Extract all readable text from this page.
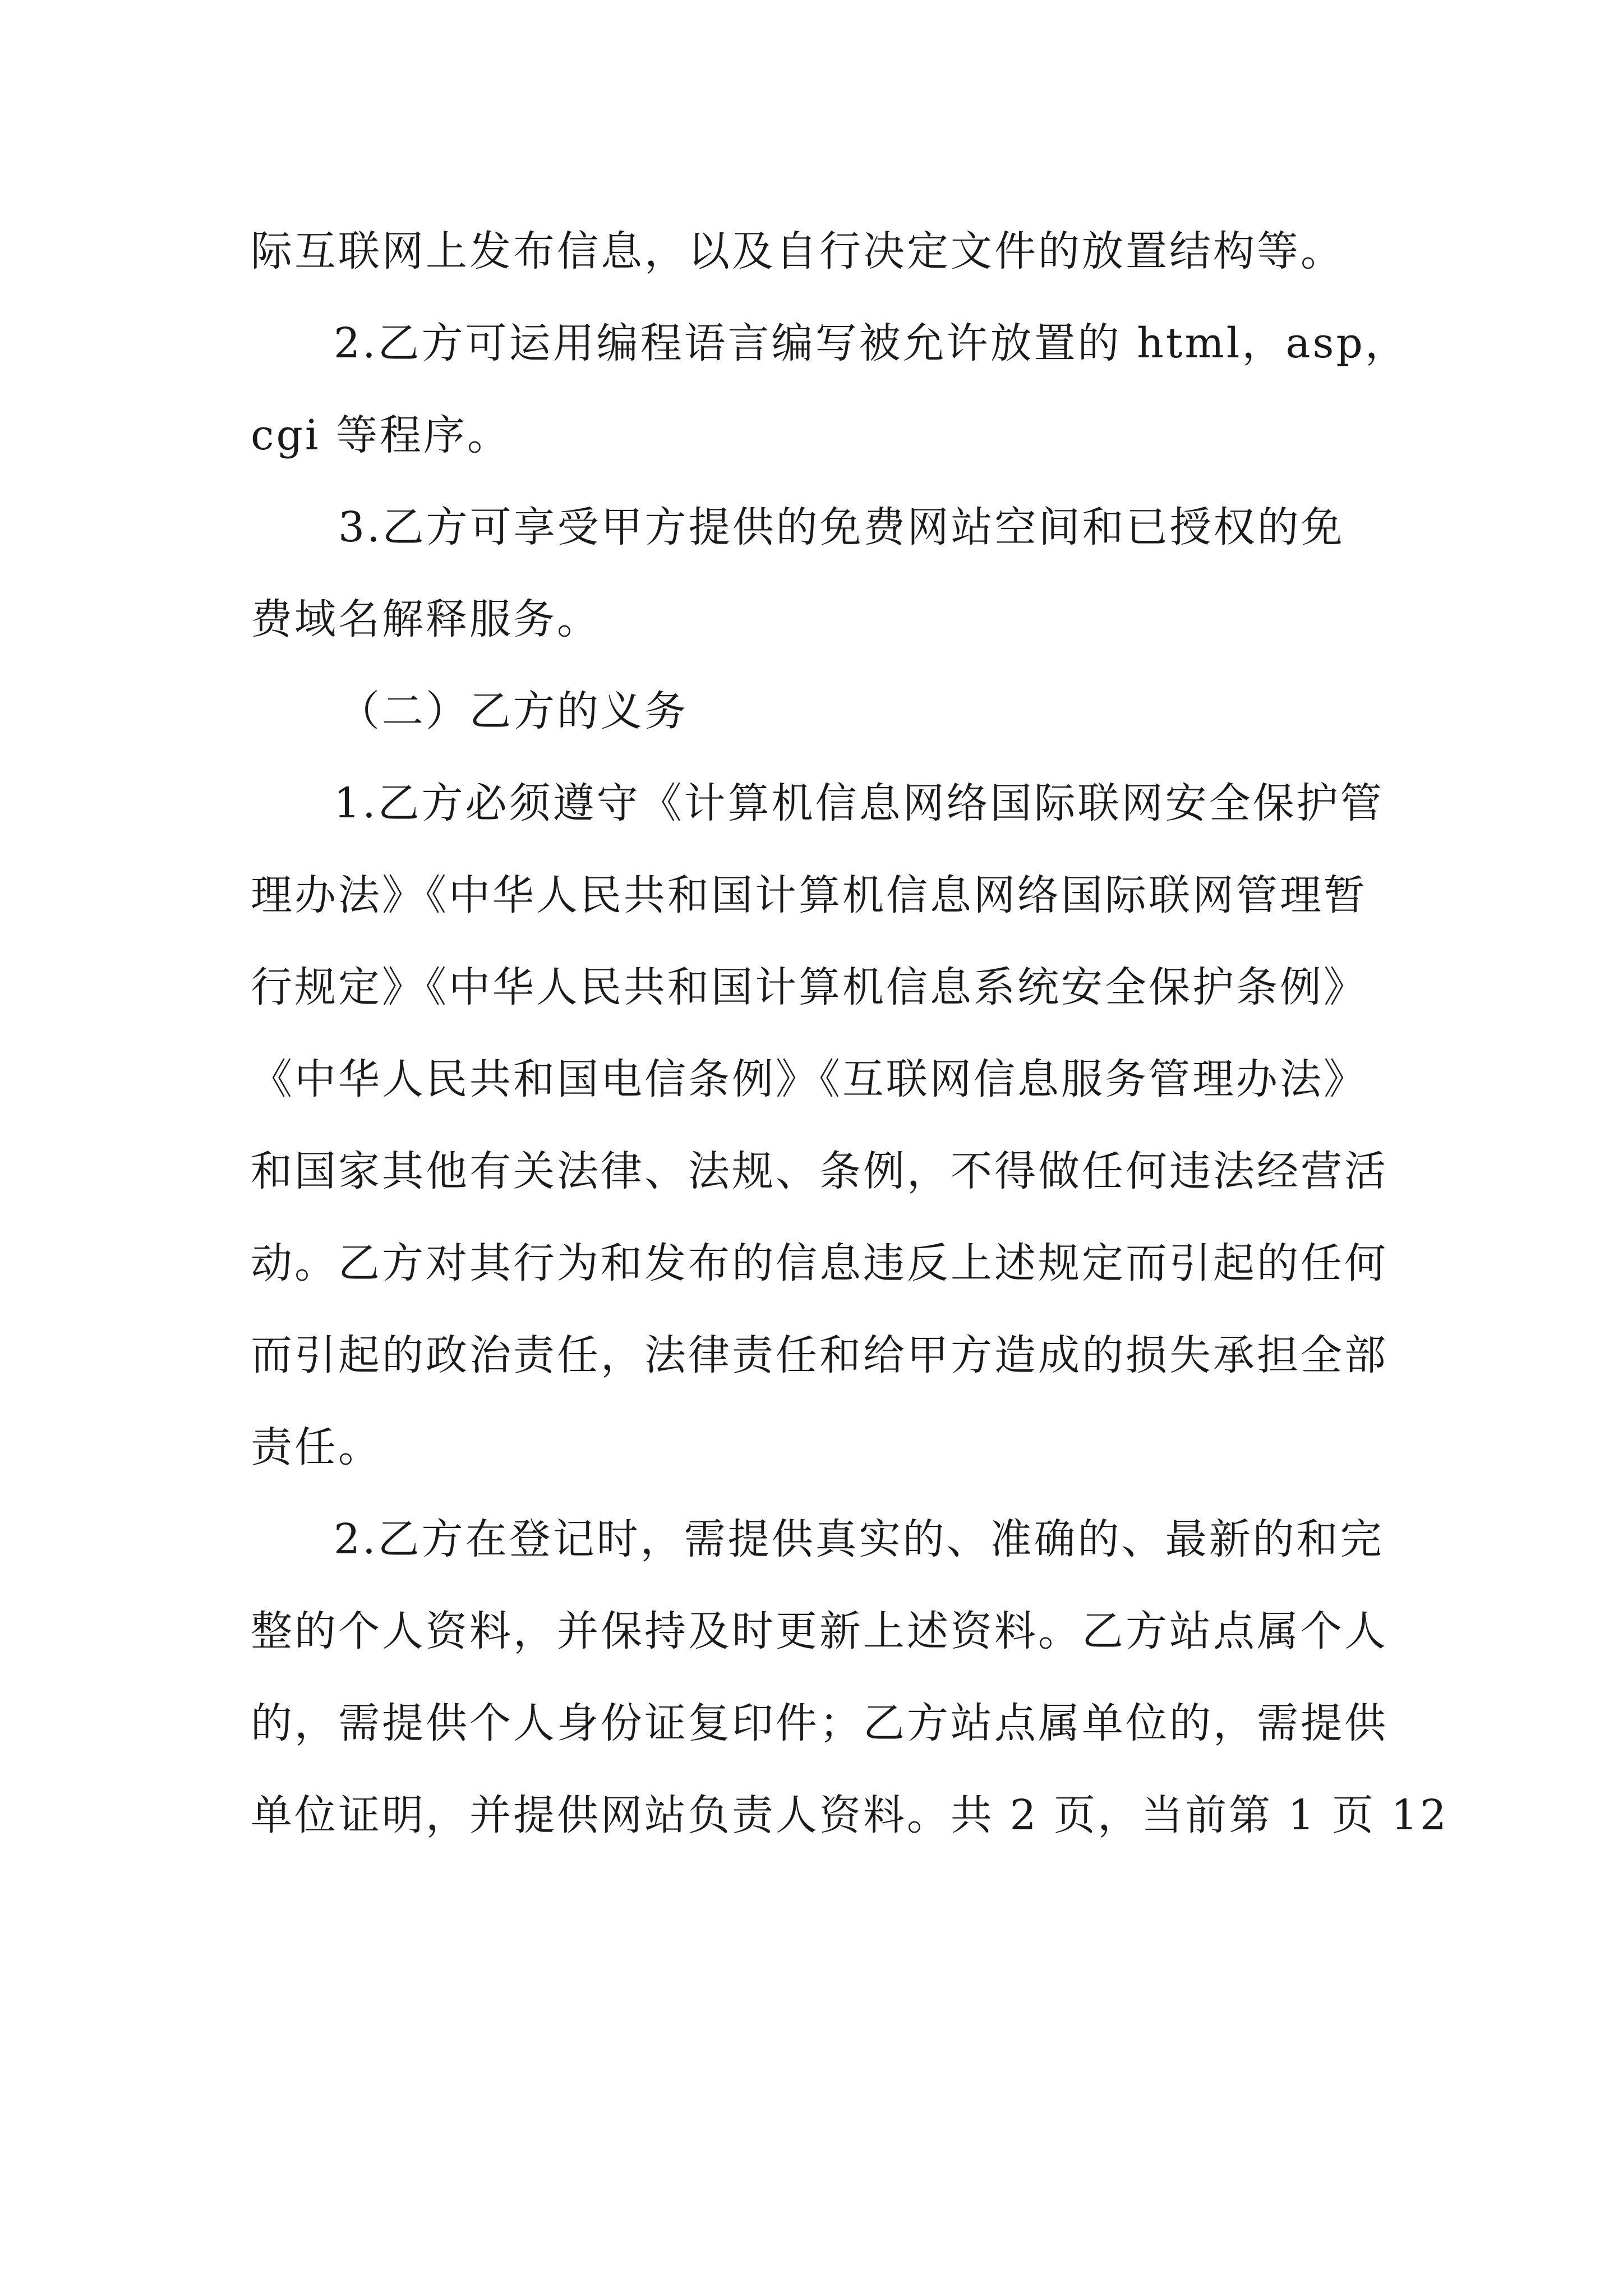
际互联网上发布信息，以及自行决定文件的放置结构等。
2.乙方可运用编程语言编写被允许放置的 html，asp，
cgi 等程序。
3.乙方可享受甲方提供的免费网站空间和已授权的免
费域名解释服务。
（二）乙方的义务
1.乙方必须遵守《计算机信息网络国际联网安全保护管
理办法》《中华人民共和国计算机信息网络国际联网管理暂
行规定》《中华人民共和国计算机信息系统安全保护条例》
《中华人民共和国电信条例》《互联网信息服务管理办法》
和国家其他有关法律、法规、条例，不得做任何违法经营活
动。乙方对其行为和发布的信息违反上述规定而引起的任何
而引起的政治责任，法律责任和给甲方造成的损失承担全部
责任。
2.乙方在登记时，需提供真实的、准确的、最新的和完
整的个人资料，并保持及时更新上述资料。乙方站点属个人
的，需提供个人身份证复印件；乙方站点属单位的，需提供
单位证明，并提供网站负责人资料。共 2 页，当前第 1 页 12
